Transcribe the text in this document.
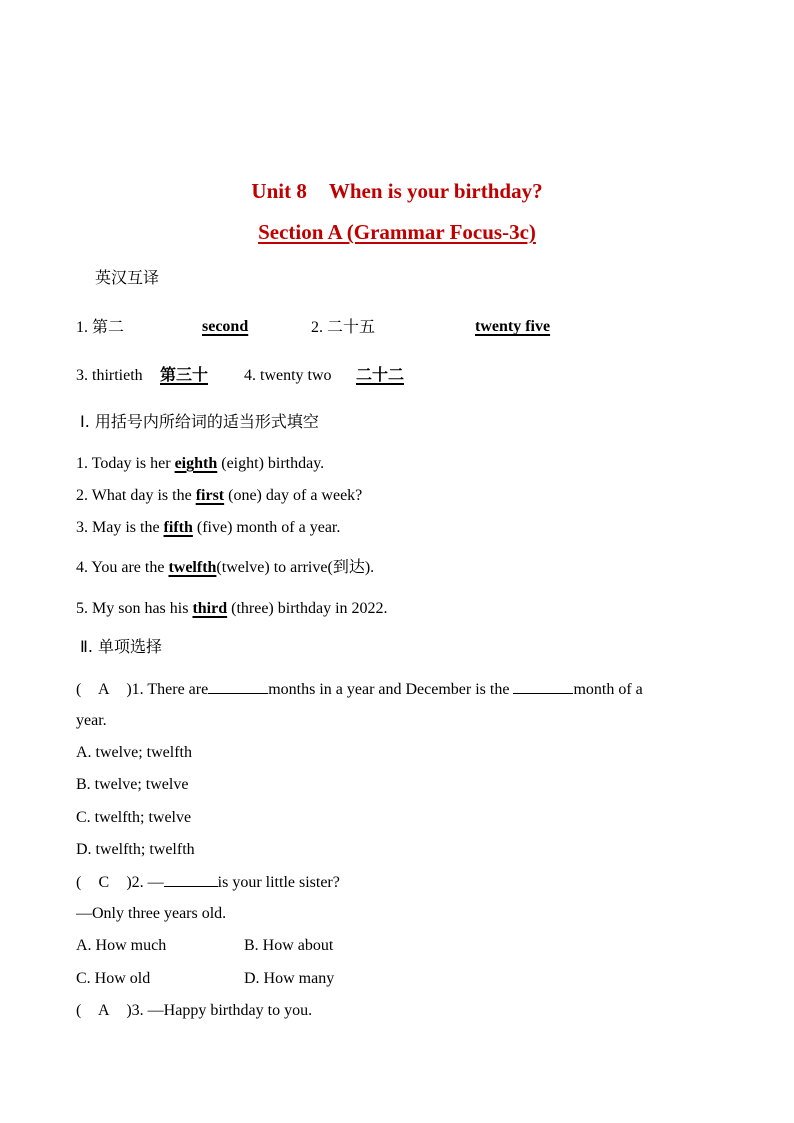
Unit 8 When is your birthday?
Section A (Grammar Focus-3c)
英汉互译
1. 第二	second	2. 二十五	twenty five
3. thirtieth 第三十 4. twenty two 二十二
Ⅰ. 用括号内所给词的适当形式填空
1. Today is her eighth (eight) birthday.
2. What day is the first (one) day of a week?
3. May is the fifth (five) month of a year.
4. You are the twelfth(twelve) to arrive(到达).
5. My son has his third (three) birthday in 2022.
Ⅱ. 单项选择
( A )1. There are	months in a year and December is the	month of a
year.
A. twelve; twelfth
B. twelve; twelve
C. twelfth; twelve
D. twelfth; twelfth
( C )2. —	is your little sister?
—Only three years old.
A. How much	B. How about
C. How old	D. How many
( A )3. —Happy birthday to you.
